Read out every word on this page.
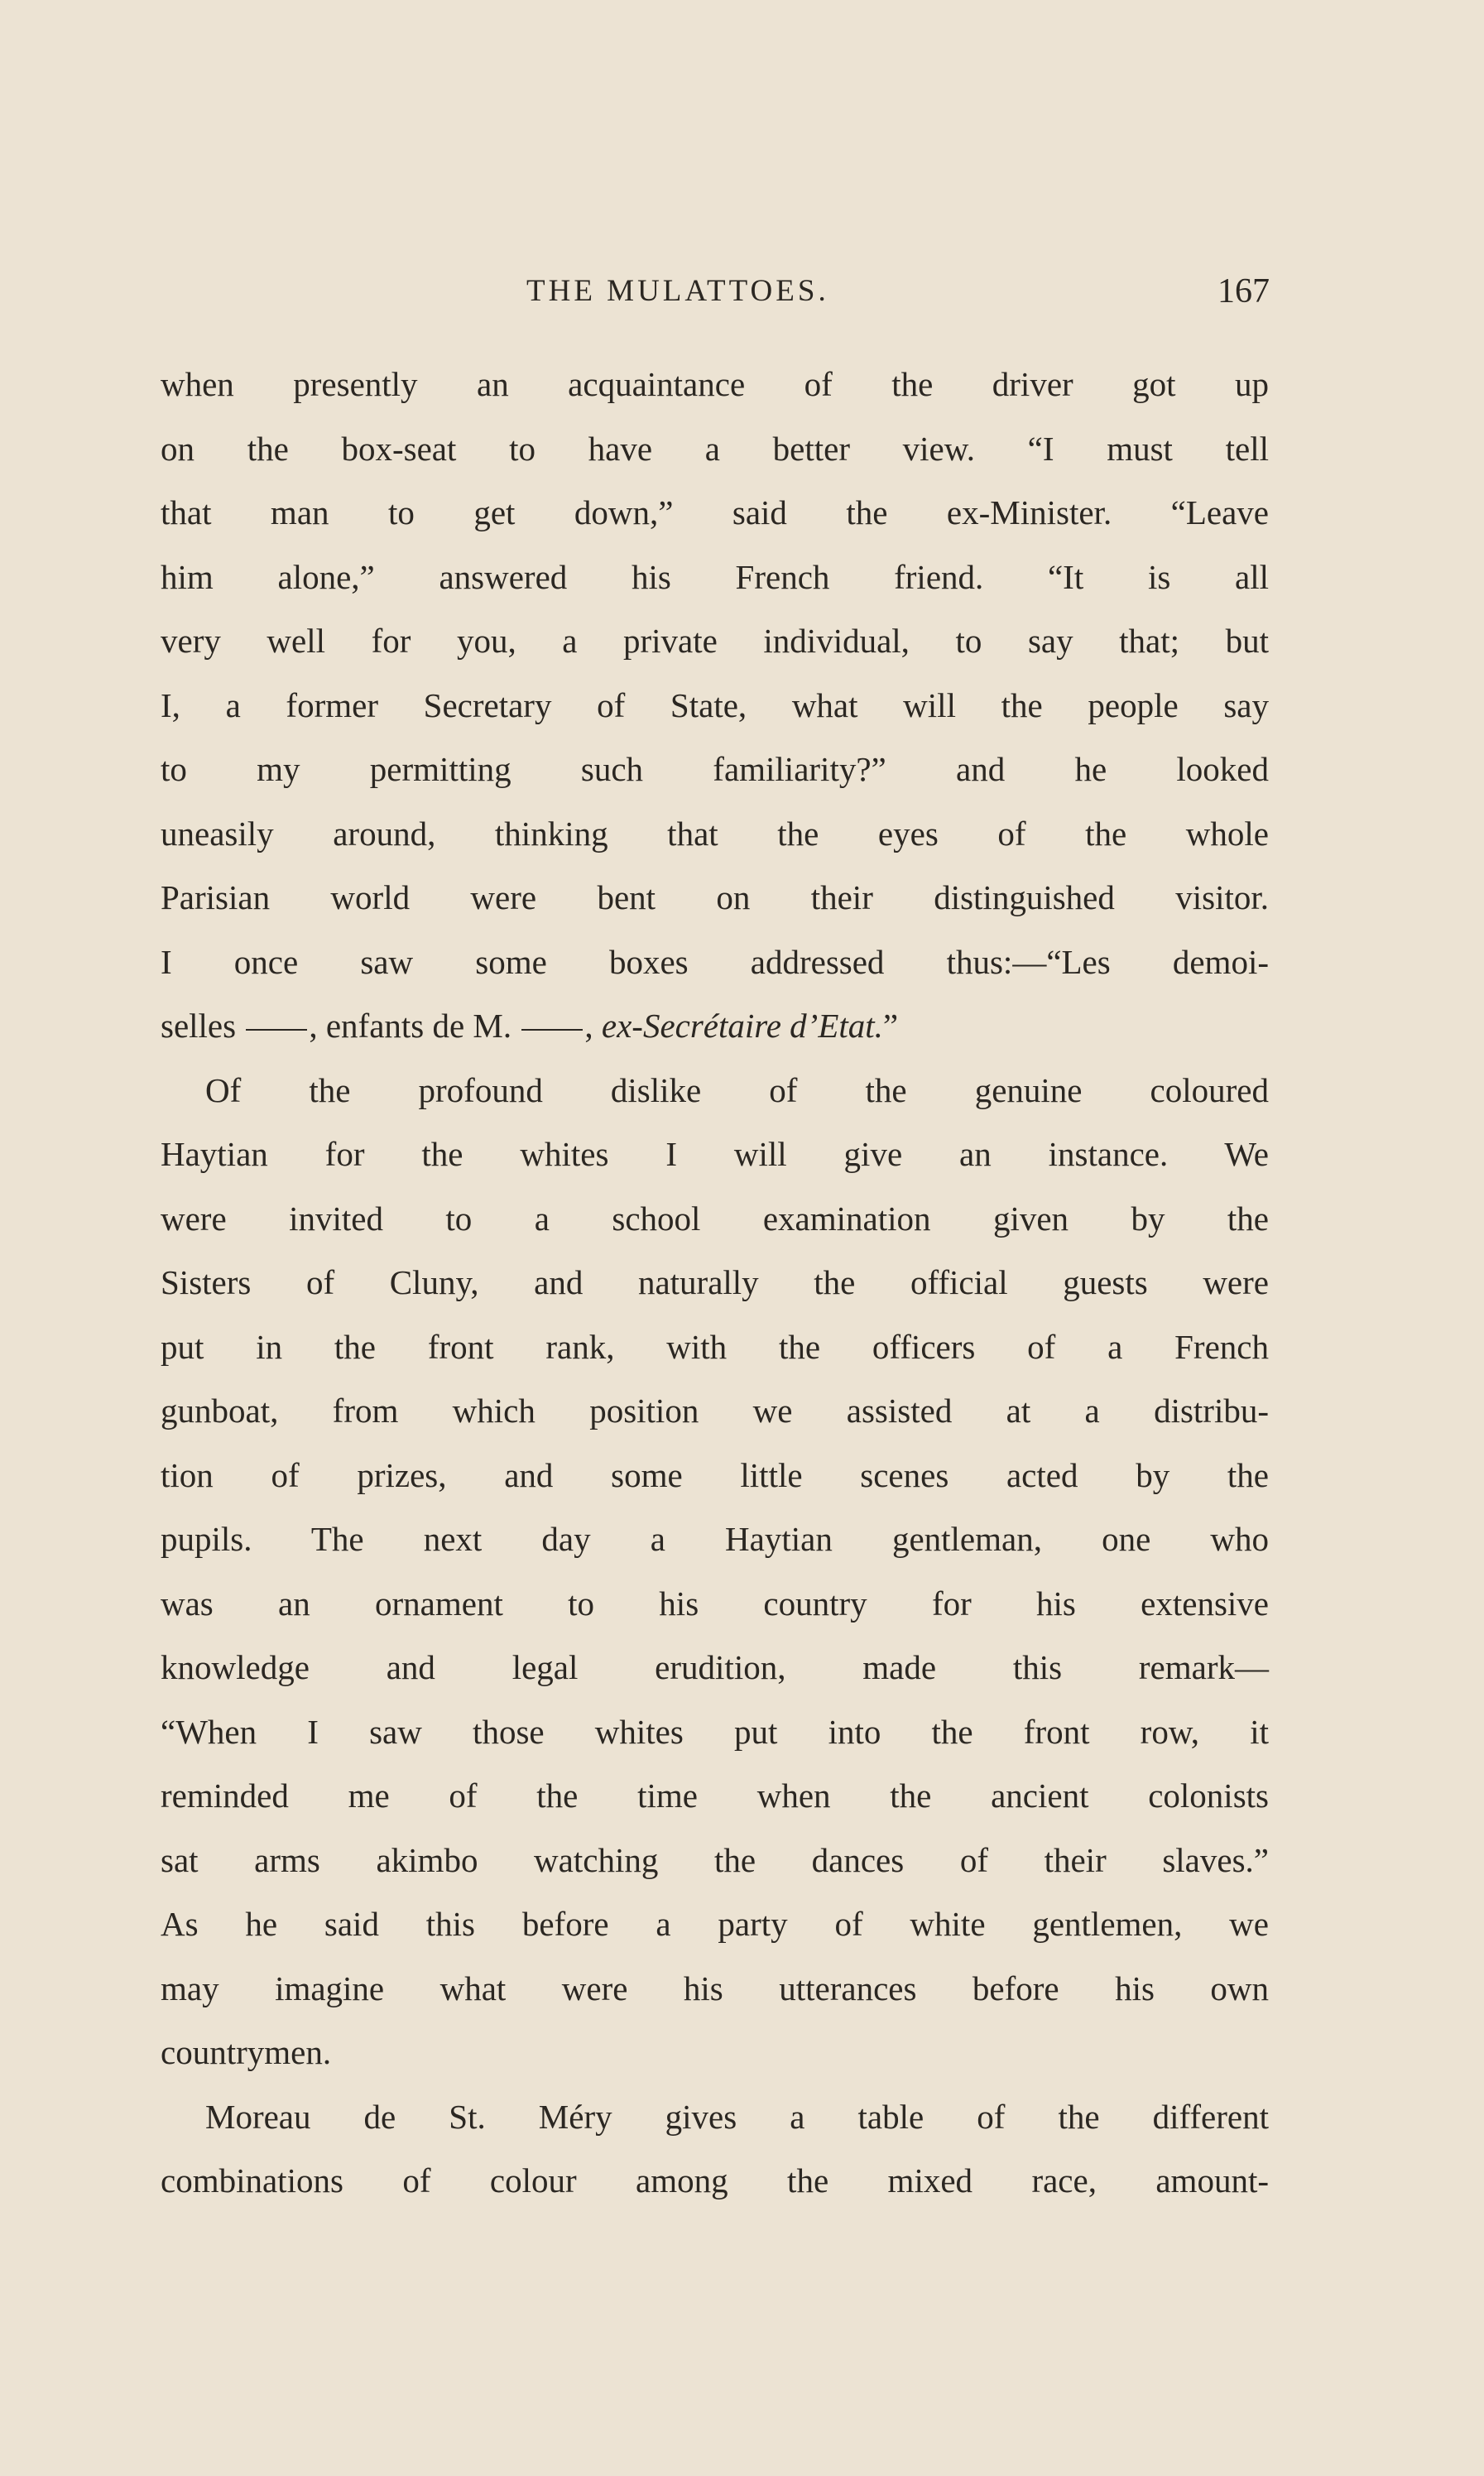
THE MULATTOES.	167
when presently an acquaintance of the driver got up
on the box-seat to have a better view. “I must tell
that man to get down,” said the ex-Minister. “Leave
him alone,” answered his French friend. “It is all
very well for you, a private individual, to say that; but
I, a former Secretary of State, what will the people say
to my permitting such familiarity?” and he looked
uneasily around, thinking that the eyes of the whole
Parisian world were bent on their distinguished visitor.
I once saw some boxes addressed thus:—“Les demoi-
selles , enfants de M. , ex-Secrétaire d’Etat.”
Of the profound dislike of the genuine coloured
Haytian for the whites I will give an instance. We
were invited to a school examination given by the
Sisters of Cluny, and naturally the official guests were
put in the front rank, with the officers of a French
gunboat, from which position we assisted at a distribu-
tion of prizes, and some little scenes acted by the
pupils. The next day a Haytian gentleman, one who
was an ornament to his country for his extensive
knowledge and legal erudition, made this remark—
“When I saw those whites put into the front row, it
reminded me of the time when the ancient colonists
sat arms akimbo watching the dances of their slaves.”
As he said this before a party of white gentlemen, we
may imagine what were his utterances before his own
countrymen.
Moreau de St. Méry gives a table of the different
combinations of colour among the mixed race, amount-
